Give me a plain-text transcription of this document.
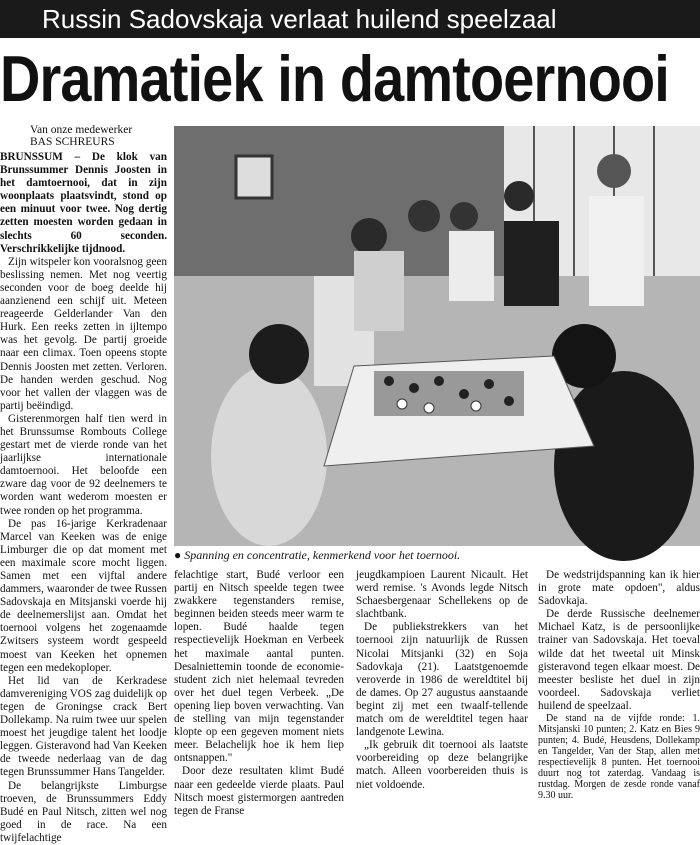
Russin Sadovskaja verlaat huilend speelzaal
Dramatiek in damtoernooi
Van onze medewerker
BAS SCHREURS

BRUNSSUM – De klok van Brunssummer Dennis Joosten in het damtoernooi, dat in zijn woonplaats plaatsvindt, stond op een minuut voor twee. Nog dertig zetten moesten worden gedaan in slechts 60 seconden. Verschrikkelijke tijdnood.

Zijn witspeler kon vooralsnog geen beslissing nemen. Met nog veertig seconden voor de boeg deelde hij aanzienend een schijf uit. Meteen reageerde Gelderlander Van den Hurk. Een reeks zetten in ijltempo was het gevolg. De partij groeide naar een climax. Toen opeens stopte Dennis Joosten met zetten. Verloren. De handen werden geschud. Nog voor het vallen der vlaggen was de partij beëindigd.

Gisterenmorgen half tien werd in het Brunssumse Rombouts College gestart met de vierde ronde van het jaarlijkse internationale damtoernooi. Het beloofde een zware dag voor de 92 deelnemers te worden want wederom moesten er twee ronden op het programma.

De pas 16-jarige Kerkradenaar Marcel van Keeken was de enige Limburger die op dat moment met een maximale score mocht liggen. Samen met een vijftal andere dammers, waaronder de twee Russen Sadovskaja en Mitsjanski voerde hij de deelnemerslijst aan. Omdat het toernooi volgens het zogenaamde Zwitsers systeem wordt gespeeld moest van Keeken het opnemen tegen een medekoploper.

Het lid van de Kerkradese damvereniging VOS zag duidelijk op tegen de Groningse crack Bert Dollekamp. Na ruim twee uur spelen moest het jeugdige talent het loodje leggen. Gisteravond had Van Keeken de tweede nederlaag van de dag tegen Brunssummer Hans Tangelder.

De belangrijkste Limburgse troeven, de Brunssummers Eddy Budé en Paul Nitsch, zitten wel nog goed in de race. Na een twijfelachtige

● Spanning en concentratie, kenmerkend voor het toernooi.

felachtige start, Budé verloor een partij en Nitsch speelde tegen twee zwakkere tegenstanders remise, beginnen beiden steeds meer warm te lopen. Budé haalde tegen respectievelijk Hoekman en Verbeek het maximale aantal punten. Desalniettemin toonde de economie-student zich niet helemaal tevreden over het duel tegen Verbeek. „De opening liep boven verwachting. Van de stelling van mijn tegenstander klopte op een gegeven moment niets meer. Belachelijk hoe ik hem liep ontsnappen."

Door deze resultaten klimt Budé naar een gedeelde vierde plaats. Paul Nitsch moest gistermorgen aantreden tegen de Franse

jeugdkampioen Laurent Nicault. Het werd remise. 's Avonds legde Nitsch Schaesbergenaar Schellekens op de slachtbank.

De publiekstrekkers van het toernooi zijn natuurlijk de Russen Nicolai Mitsjanki (32) en Soja Sadovkaja (21). Laatstgenoemde veroverde in 1986 de wereldtitel bij de dames. Op 27 augustus aanstaande begint zij met een twaalf-tellende match om de wereldtitel tegen haar landgenote Lewina.

„Ik gebruik dit toernooi als laatste voorbereiding op deze belangrijke match. Alleen voorbereiden thuis is niet voldoende.

De wedstrijdspanning kan ik hier in grote mate opdoen", aldus Sadovkaja.

De derde Russische deelnemer Michael Katz, is de persoonlijke trainer van Sadovskaja. Het toeval wilde dat het tweetal uit Minsk gisteravond tegen elkaar moest. De meester besliste het duel in zijn voordeel. Sadovskaja verliet huilend de speelzaal.

De stand na de vijfde ronde: 1. Mitsjanski 10 punten; 2. Katz en Bies 9 punten; 4. Budé, Heusdens, Dollekamp en Tangelder, Van der Stap, allen met respectievelijk 8 punten. Het toernooi duurt nog tot zaterdag. Vandaag is rustdag. Morgen de zesde ronde vanaf 9.30 uur.
